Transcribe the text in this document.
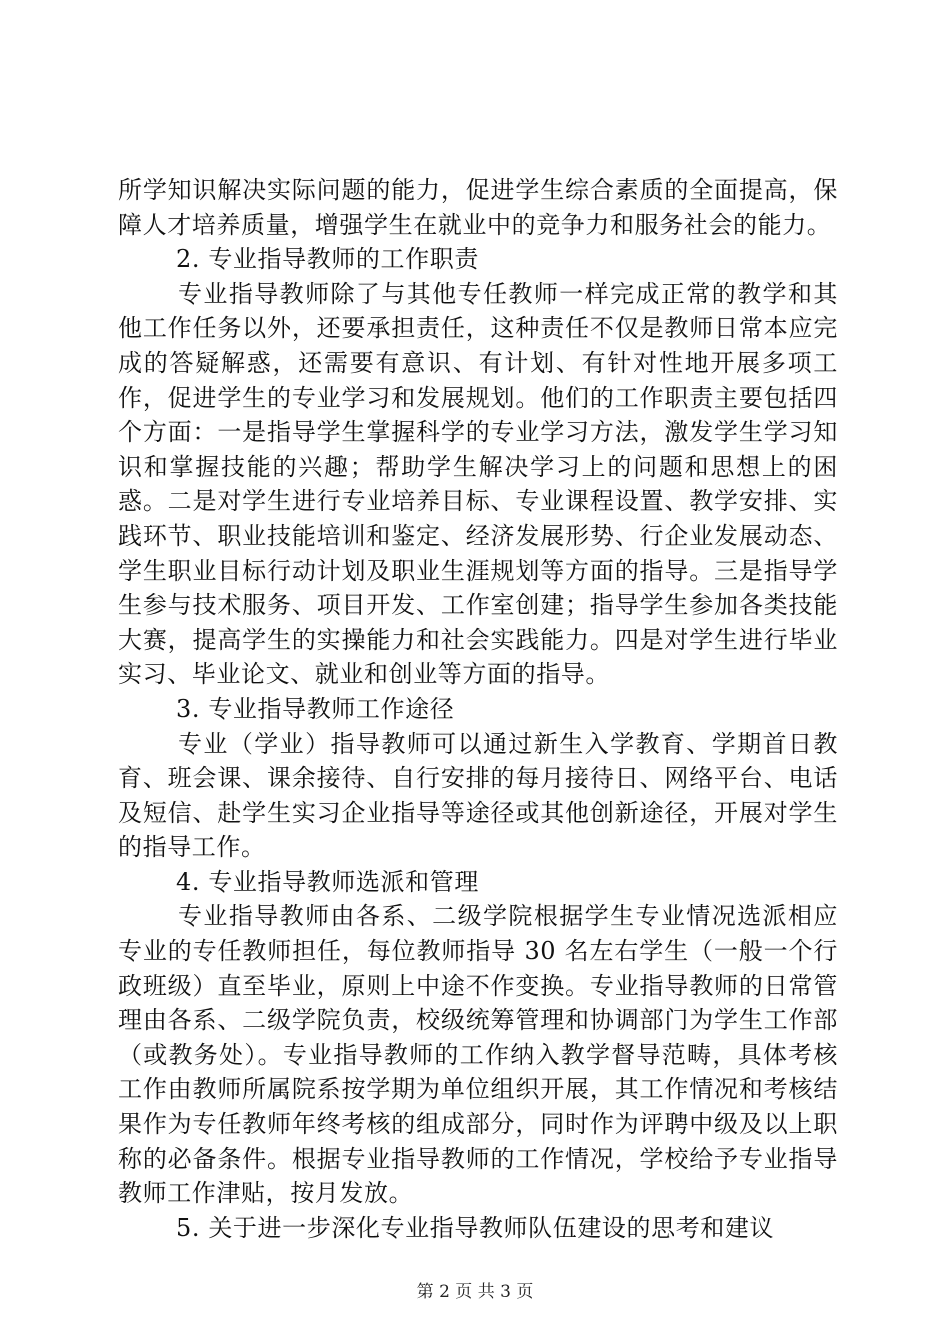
所学知识解决实际问题的能力，促进学生综合素质的全面提高，保障人才培养质量，增强学生在就业中的竞争力和服务社会的能力。

2. 专业指导教师的工作职责

专业指导教师除了与其他专任教师一样完成正常的教学和其他工作任务以外，还要承担责任，这种责任不仅是教师日常本应完成的答疑解惑，还需要有意识、有计划、有针对性地开展多项工作，促进学生的专业学习和发展规划。他们的工作职责主要包括四个方面：一是指导学生掌握科学的专业学习方法，激发学生学习知识和掌握技能的兴趣；帮助学生解决学习上的问题和思想上的困惑。二是对学生进行专业培养目标、专业课程设置、教学安排、实践环节、职业技能培训和鉴定、经济发展形势、行企业发展动态、学生职业目标行动计划及职业生涯规划等方面的指导。三是指导学生参与技术服务、项目开发、工作室创建；指导学生参加各类技能大赛，提高学生的实操能力和社会实践能力。四是对学生进行毕业实习、毕业论文、就业和创业等方面的指导。

3. 专业指导教师工作途径

专业（学业）指导教师可以通过新生入学教育、学期首日教育、班会课、课余接待、自行安排的每月接待日、网络平台、电话及短信、赴学生实习企业指导等途径或其他创新途径，开展对学生的指导工作。

4. 专业指导教师选派和管理

专业指导教师由各系、二级学院根据学生专业情况选派相应专业的专任教师担任，每位教师指导 30 名左右学生（一般一个行政班级）直至毕业，原则上中途不作变换。专业指导教师的日常管理由各系、二级学院负责，校级统筹管理和协调部门为学生工作部（或教务处）。专业指导教师的工作纳入教学督导范畴，具体考核工作由教师所属院系按学期为单位组织开展，其工作情况和考核结果作为专任教师年终考核的组成部分，同时作为评聘中级及以上职称的必备条件。根据专业指导教师的工作情况，学校给予专业指导教师工作津贴，按月发放。

5. 关于进一步深化专业指导教师队伍建设的思考和建议

第 2 页 共 3 页
